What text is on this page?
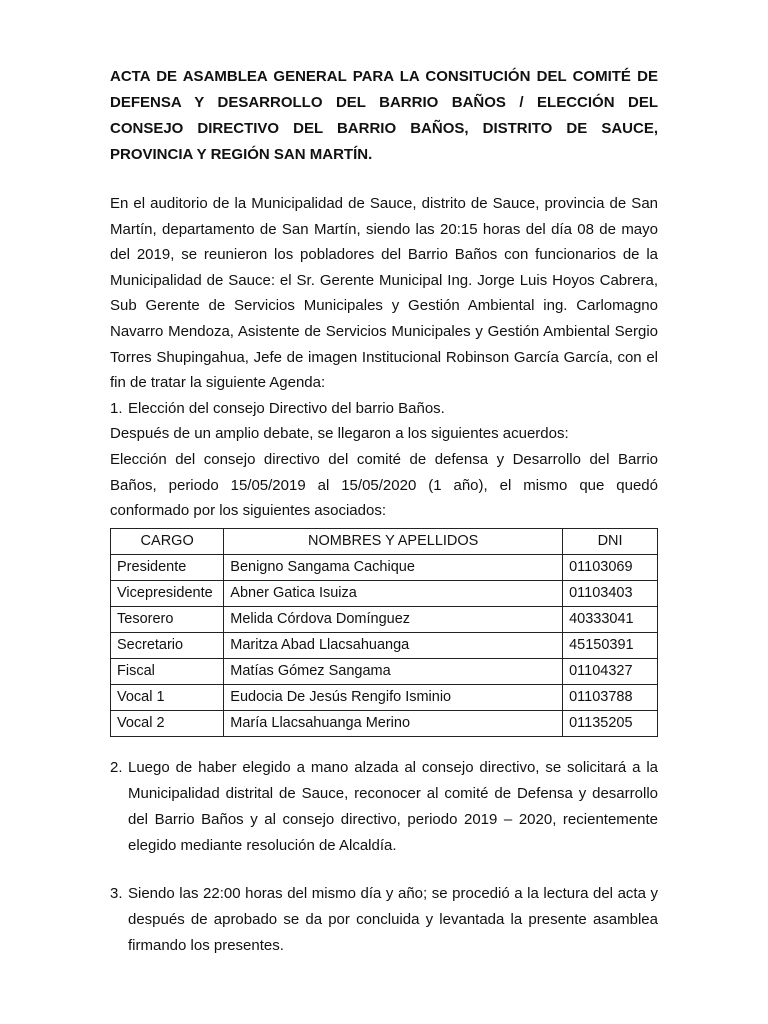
ACTA DE ASAMBLEA GENERAL PARA LA CONSITUCIÓN DEL COMITÉ DE DEFENSA Y DESARROLLO DEL BARRIO BAÑOS / ELECCIÓN DEL CONSEJO DIRECTIVO DEL BARRIO BAÑOS, DISTRITO DE SAUCE, PROVINCIA Y REGIÓN SAN MARTÍN.

En el auditorio de la Municipalidad de Sauce, distrito de Sauce, provincia de San Martín, departamento de San Martín, siendo las 20:15 horas del día 08 de mayo del 2019, se reunieron los pobladores del Barrio Baños con funcionarios de la Municipalidad de Sauce: el Sr. Gerente Municipal Ing. Jorge Luis Hoyos Cabrera, Sub Gerente de Servicios Municipales y Gestión Ambiental ing. Carlomagno Navarro Mendoza, Asistente de Servicios Municipales y Gestión Ambiental Sergio Torres Shupingahua, Jefe de imagen Institucional Robinson García García, con el fin de tratar la siguiente Agenda:

1. Elección del consejo Directivo del barrio Baños.

Después de un amplio debate, se llegaron a los siguientes acuerdos:

Elección del consejo directivo del comité de defensa y Desarrollo del Barrio Baños, periodo 15/05/2019 al 15/05/2020 (1 año), el mismo que quedó conformado por los siguientes asociados:

CARGO	NOMBRES Y APELLIDOS	DNI
Presidente	Benigno Sangama Cachique	01103069
Vicepresidente	Abner Gatica Isuiza	01103403
Tesorero	Melida Córdova Domínguez	40333041
Secretario	Maritza Abad Llacsahuanga	45150391
Fiscal	Matías Gómez Sangama	01104327
Vocal 1	Eudocia De Jesús Rengifo Isminio	01103788
Vocal 2	María Llacsahuanga Merino	01135205
2. Luego de haber elegido a mano alzada al consejo directivo, se solicitará a la Municipalidad distrital de Sauce, reconocer al comité de Defensa y desarrollo del Barrio Baños y al consejo directivo, periodo 2019 – 2020, recientemente elegido mediante resolución de Alcaldía.
3. Siendo las 22:00 horas del mismo día y año; se procedió a la lectura del acta y después de aprobado se da por concluida y levantada la presente asamblea firmando los presentes.
